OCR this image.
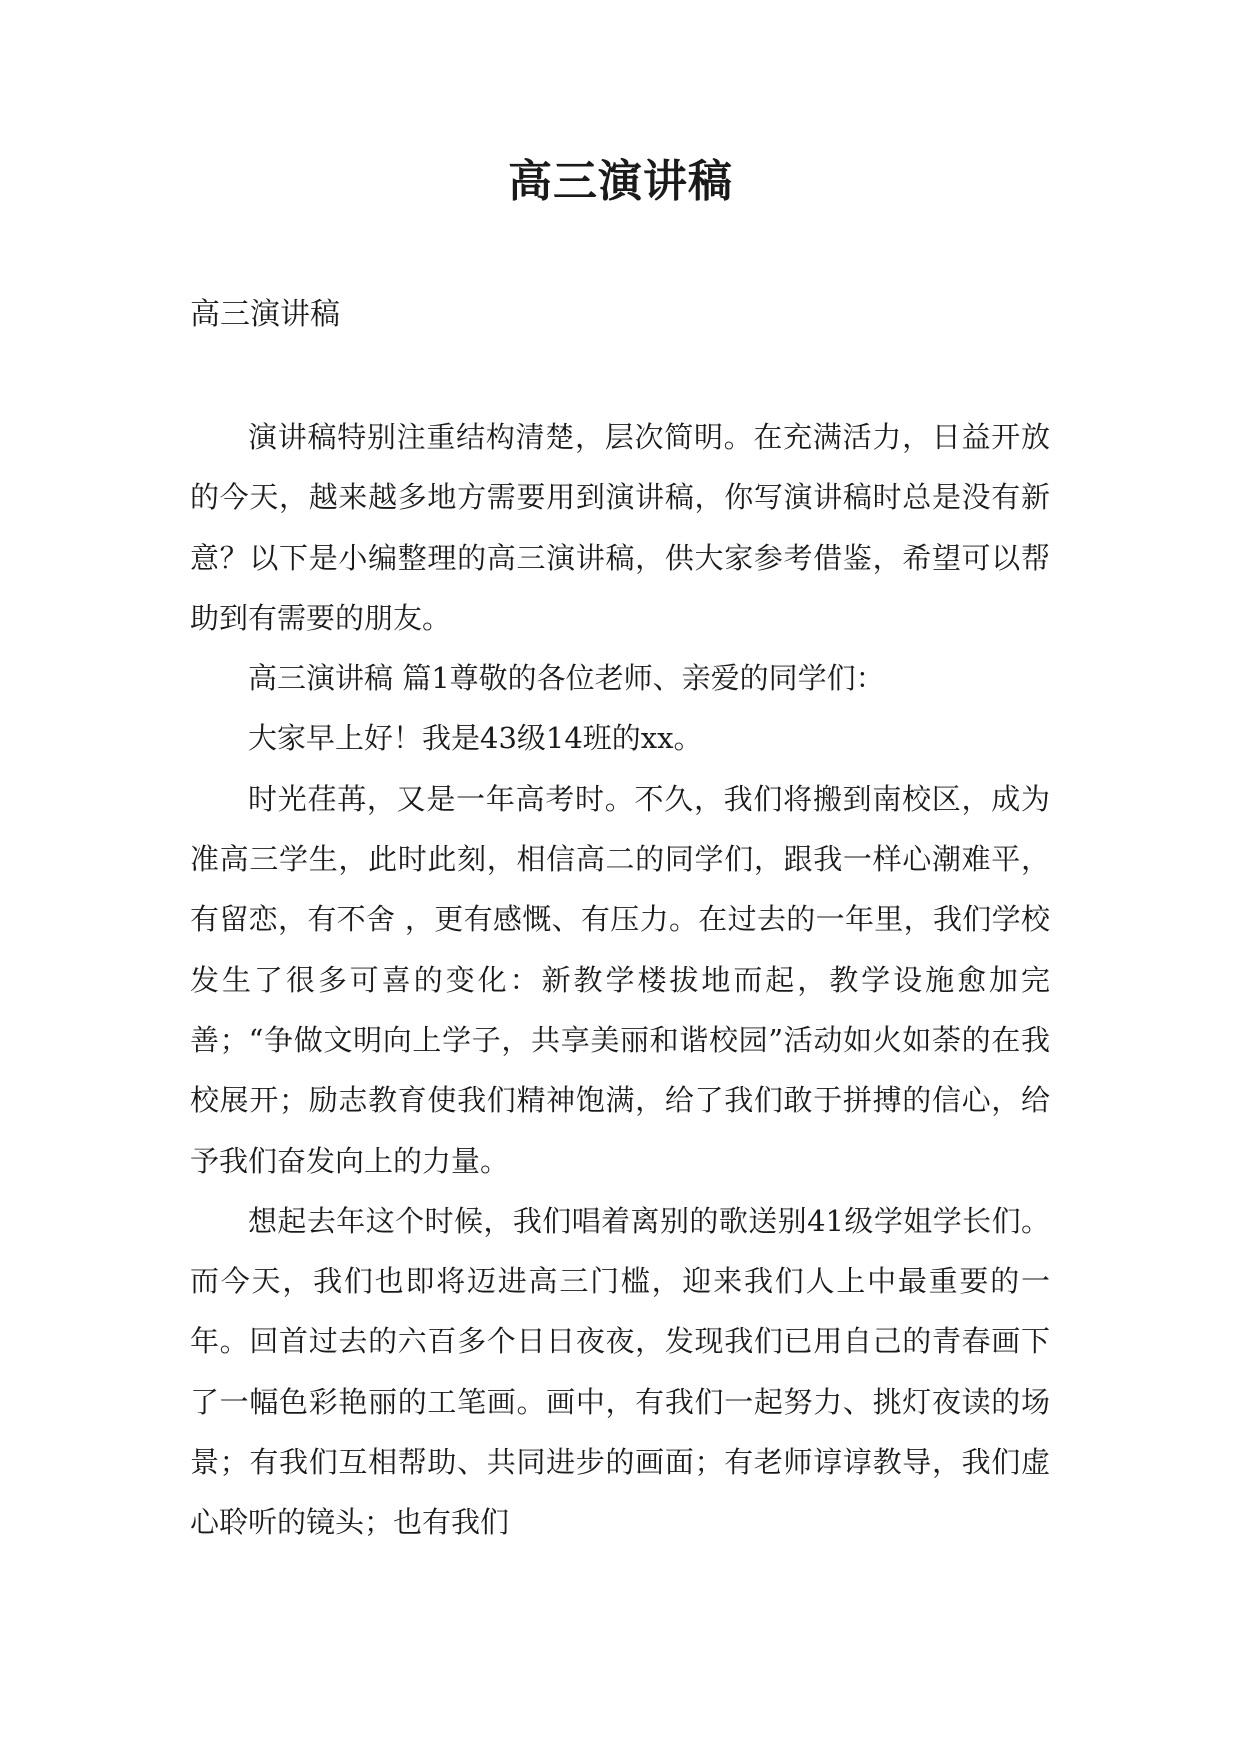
高三演讲稿
高三演讲稿

演讲稿特别注重结构清楚，层次简明。在充满活力，日益开放的今天，越来越多地方需要用到演讲稿，你写演讲稿时总是没有新意？以下是小编整理的高三演讲稿，供大家参考借鉴，希望可以帮助到有需要的朋友。

高三演讲稿 篇1尊敬的各位老师、亲爱的同学们：

大家早上好！我是43级14班的xx。

时光荏苒，又是一年高考时。不久，我们将搬到南校区，成为准高三学生，此时此刻，相信高二的同学们，跟我一样心潮难平，有留恋，有不舍 ，更有感慨、有压力。在过去的一年里，我们学校发生了很多可喜的变化：新教学楼拔地而起，教学设施愈加完善；“争做文明向上学子，共享美丽和谐校园”活动如火如荼的在我校展开；励志教育使我们精神饱满，给了我们敢于拼搏的信心，给予我们奋发向上的力量。

想起去年这个时候，我们唱着离别的歌送别41级学姐学长们。而今天，我们也即将迈进高三门槛，迎来我们人上中最重要的一年。回首过去的六百多个日日夜夜，发现我们已用自己的青春画下了一幅色彩艳丽的工笔画。画中，有我们一起努力、挑灯夜读的场景；有我们互相帮助、共同进步的画面；有老师谆谆教导，我们虚心聆听的镜头；也有我们
